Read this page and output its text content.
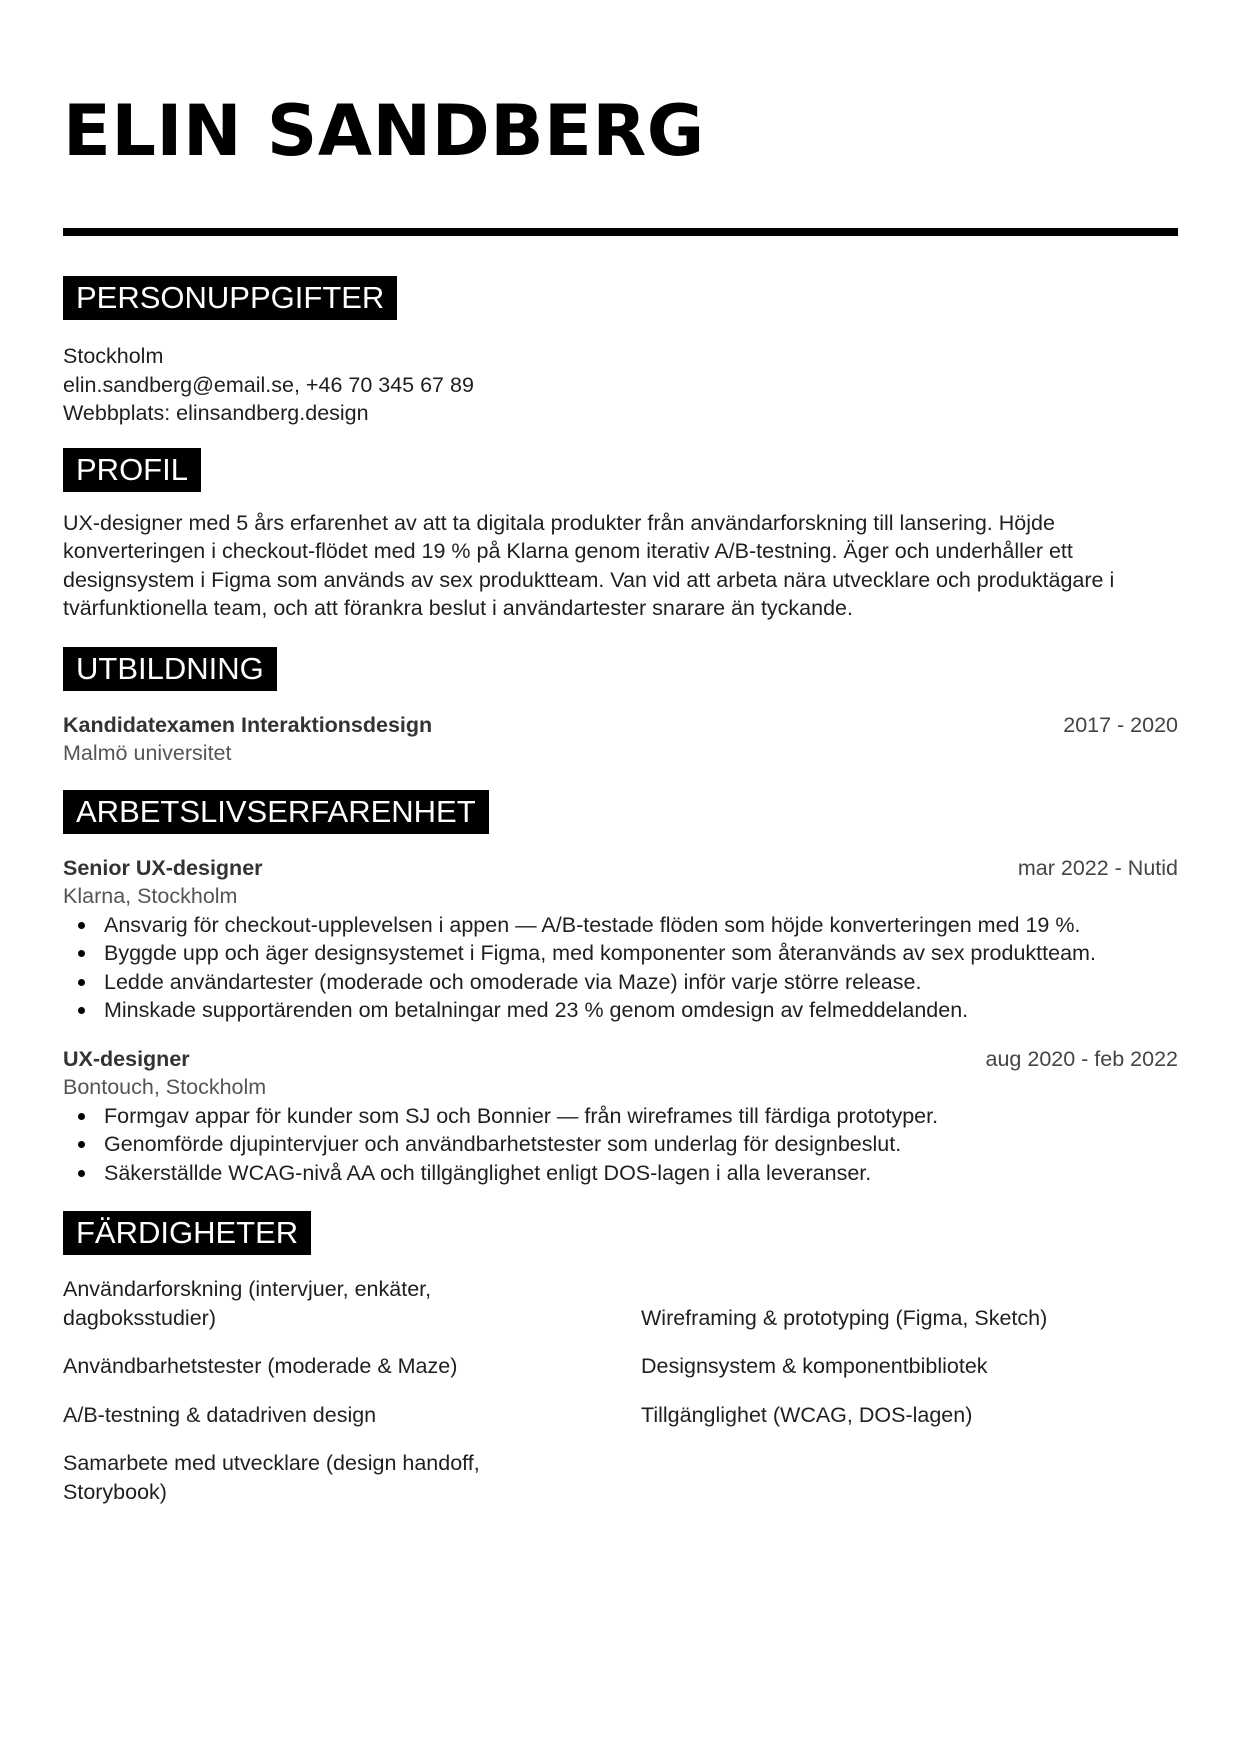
ELIN SANDBERG
PERSONUPPGIFTER
Stockholm
elin.sandberg@email.se, +46 70 345 67 89
Webbplats: elinsandberg.design
PROFIL
UX-designer med 5 års erfarenhet av att ta digitala produkter från användarforskning till lansering. Höjde konverteringen i checkout-flödet med 19 % på Klarna genom iterativ A/B-testning. Äger och underhåller ett designsystem i Figma som används av sex produktteam. Van vid att arbeta nära utvecklare och produktägare i tvärfunktionella team, och att förankra beslut i användartester snarare än tyckande.
UTBILDNING
Kandidatexamen Interaktionsdesign	2017 - 2020
Malmö universitet
ARBETSLIVSERFARENHET
Senior UX-designer	mar 2022 - Nutid
Klarna, Stockholm
Ansvarig för checkout-upplevelsen i appen — A/B-testade flöden som höjde konverteringen med 19 %.
Byggde upp och äger designsystemet i Figma, med komponenter som återanvänds av sex produktteam.
Ledde användartester (moderade och omoderade via Maze) inför varje större release.
Minskade supportärenden om betalningar med 23 % genom omdesign av felmeddelanden.
UX-designer	aug 2020 - feb 2022
Bontouch, Stockholm
Formgav appar för kunder som SJ och Bonnier — från wireframes till färdiga prototyper.
Genomförde djupintervjuer och användbarhetstester som underlag för designbeslut.
Säkerställde WCAG-nivå AA och tillgänglighet enligt DOS-lagen i alla leveranser.
FÄRDIGHETER
Användarforskning (intervjuer, enkäter, dagboksstudier)	Wireframing & prototyping (Figma, Sketch)
Användbarhetstester (moderade & Maze)	Designsystem & komponentbibliotek
A/B-testning & datadriven design	Tillgänglighet (WCAG, DOS-lagen)
Samarbete med utvecklare (design handoff, Storybook)
